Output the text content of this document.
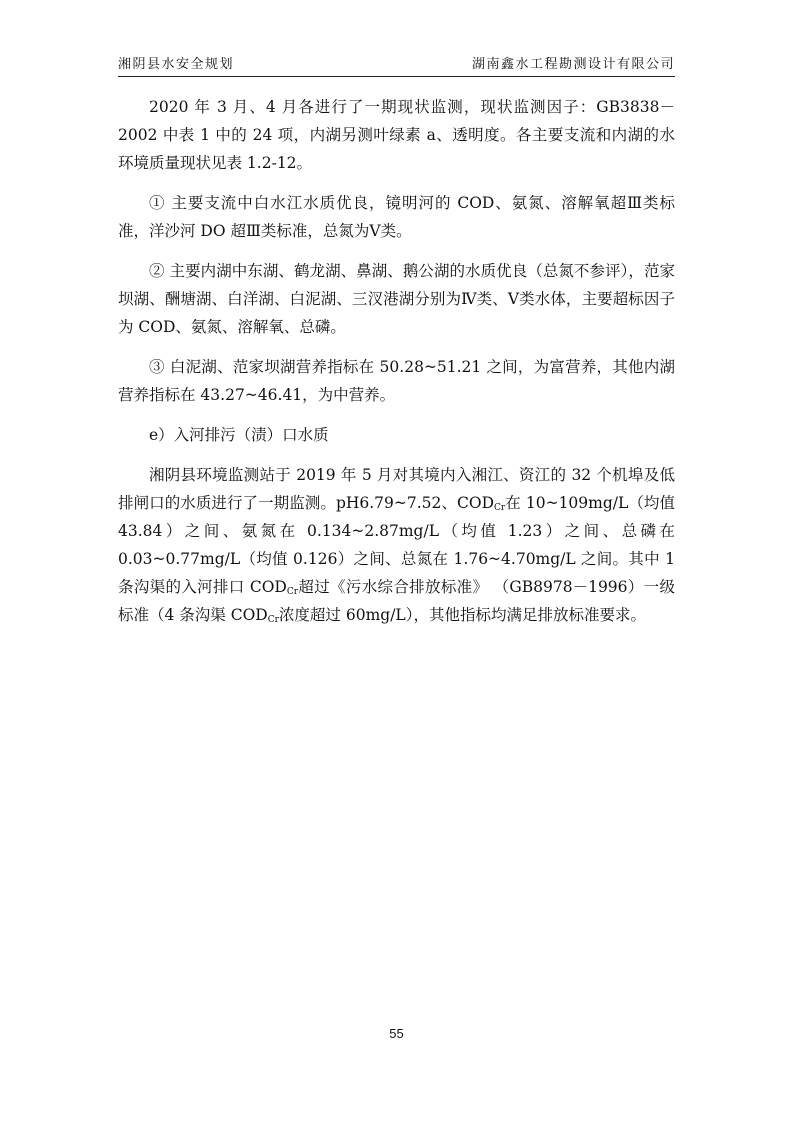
湘阴县水安全规划	湖南鑫水工程勘测设计有限公司

2020 年 3 月、4 月各进行了一期现状监测，现状监测因子：GB3838－2002 中表 1 中的 24 项，内湖另测叶绿素 a、透明度。各主要支流和内湖的水环境质量现状见表 1.2-12。

① 主要支流中白水江水质优良，镜明河的 COD、氨氮、溶解氧超Ⅲ类标准，洋沙河 DO 超Ⅲ类标准，总氮为Ⅴ类。

② 主要内湖中东湖、鹤龙湖、鼻湖、鹅公湖的水质优良（总氮不参评），范家坝湖、酬塘湖、白洋湖、白泥湖、三汊港湖分别为Ⅳ类、Ⅴ类水体，主要超标因子为 COD、氨氮、溶解氧、总磷。

③ 白泥湖、范家坝湖营养指标在 50.28~51.21 之间，为富营养，其他内湖营养指标在 43.27~46.41，为中营养。

e）入河排污（渍）口水质

湘阴县环境监测站于 2019 年 5 月对其境内入湘江、资江的 32 个机埠及低排闸口的水质进行了一期监测。pH6.79~7.52、$COD_{Cr}$在 10~109mg/L（均值 43.84）之间、氨氮在 0.134~2.87mg/L（均值 1.23）之间、总磷在 0.03~0.77mg/L（均值 0.126）之间、总氮在 1.76~4.70mg/L 之间。其中 1 条沟渠的入河排口 $COD_{Cr}$超过《污水综合排放标准》 （GB8978－1996）一级标准（4 条沟渠 $COD_{Cr}$浓度超过 60mg/L），其他指标均满足排放标准要求。

55
